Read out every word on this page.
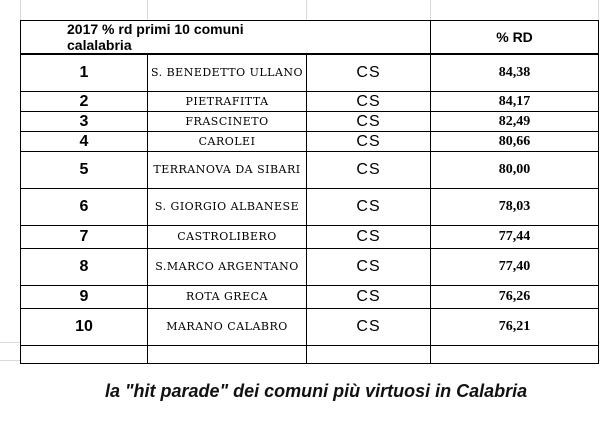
2017 % rd primi 10 comuni calalabria			% RD
1	S. BENEDETTO ULLANO	CS	84,38
2	PIETRAFITTA	CS	84,17
3	FRASCINETO	CS	82,49
4	CAROLEI	CS	80,66
5	TERRANOVA DA SIBARI	CS	80,00
6	S. GIORGIO ALBANESE	CS	78,03
7	CASTROLIBERO	CS	77,44
8	S.MARCO ARGENTANO	CS	77,40
9	ROTA GRECA	CS	76,26
10	MARANO CALABRO	CS	76,21

la "hit parade" dei comuni più virtuosi in Calabria
